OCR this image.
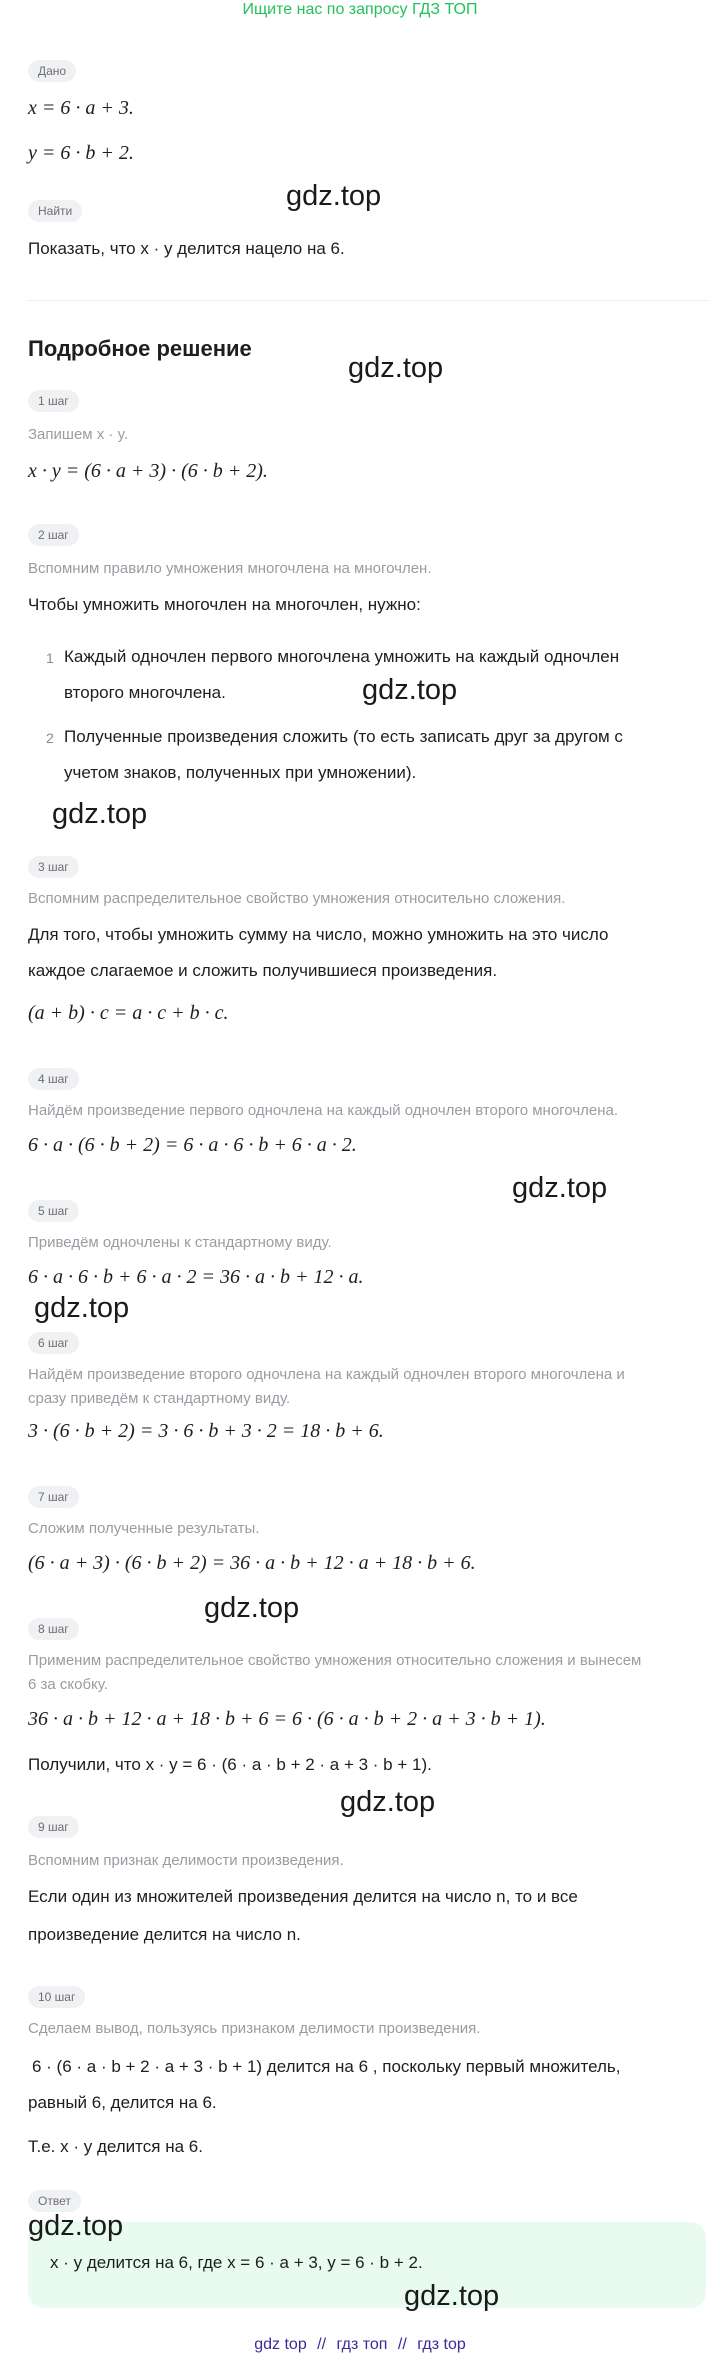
Ищите нас по запросу ГДЗ ТОП
Дано
x = 6 · a + 3.
y = 6 · b + 2.
Найти
Показать, что x · y делится нацело на 6.
Подробное решение
1 шаг
Запишем x · y.
x · y = (6 · a + 3) · (6 · b + 2).
2 шаг
Вспомним правило умножения многочлена на многочлен.
Чтобы умножить многочлен на многочлен, нужно:
1 Каждый одночлен первого многочлена умножить на каждый одночлен
второго многочлена.
2 Полученные произведения сложить (то есть записать друг за другом с
учетом знаков, полученных при умножении).
3 шаг
Вспомним распределительное свойство умножения относительно сложения.
Для того, чтобы умножить сумму на число, можно умножить на это число
каждое слагаемое и сложить получившиеся произведения.
(a + b) · c = a · c + b · c.
4 шаг
Найдём произведение первого одночлена на каждый одночлен второго многочлена.
6 · a · (6 · b + 2) = 6 · a · 6 · b + 6 · a · 2.
5 шаг
Приведём одночлены к стандартному виду.
6 · a · 6 · b + 6 · a · 2 = 36 · a · b + 12 · a.
6 шаг
Найдём произведение второго одночлена на каждый одночлен второго многочлена и
сразу приведём к стандартному виду.
3 · (6 · b + 2) = 3 · 6 · b + 3 · 2 = 18 · b + 6.
7 шаг
Сложим полученные результаты.
(6 · a + 3) · (6 · b + 2) = 36 · a · b + 12 · a + 18 · b + 6.
8 шаг
Применим распределительное свойство умножения относительно сложения и вынесем
6 за скобку.
36 · a · b + 12 · a + 18 · b + 6 = 6 · (6 · a · b + 2 · a + 3 · b + 1).
Получили, что x · y = 6 · (6 · a · b + 2 · a + 3 · b + 1).
9 шаг
Вспомним признак делимости произведения.
Если один из множителей произведения делится на число n, то и все
произведение делится на число n.
10 шаг
Сделаем вывод, пользуясь признаком делимости произведения.
6 · (6 · a · b + 2 · a + 3 · b + 1) делится на 6 , поскольку первый множитель,
равный 6, делится на 6.
Т.е. x · y делится на 6.
Ответ
x · y делится на 6, где x = 6 · a + 3, y = 6 · b + 2.
gdz.top
gdz.top
gdz.top
gdz.top
gdz.top
gdz.top
gdz.top
gdz.top
gdz.top
gdz.top
gdz top // гдз топ // гдз top
